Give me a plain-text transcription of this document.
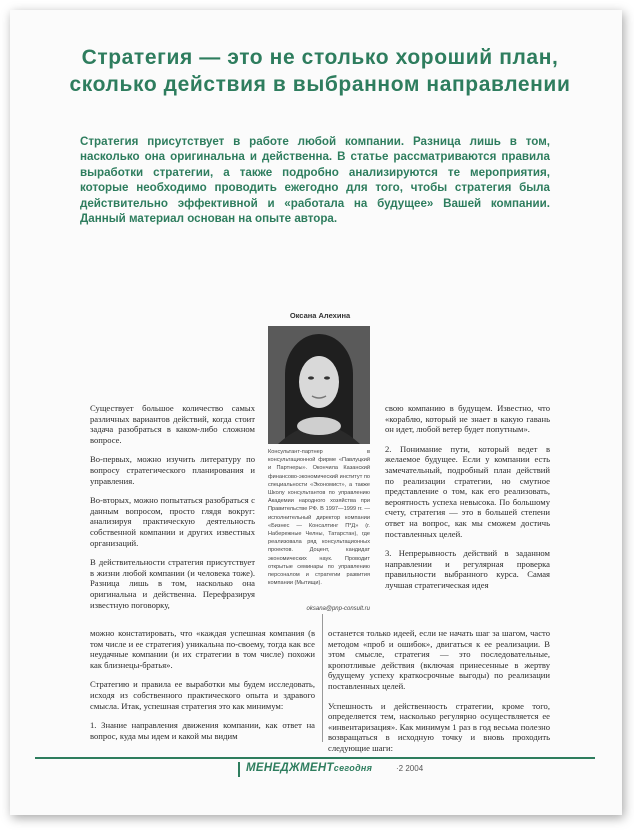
Стратегия — это не столько хороший план,
сколько действия в выбранном направлении
Стратегия присутствует в работе любой компании. Разница лишь в том, насколько она оригинальна и действенна. В статье рассматриваются правила выработки стратегии, а также подробно анализируются те мероприятия, которые необходимо проводить ежегодно для того, чтобы стратегия была действительно эффективной и «работала на будущее» Вашей компании. Данный материал основан на опыте автора.
Оксана Алехина
Консультант-партнер в консультационной фирме «Павлуцкий и Партнеры». Окончила Казанский финансово-экономический институт по специальности «Экономист», а также Школу консультантов по управлению Академии народного хозяйства при Правительстве РФ. В 1997—1999 гг. — исполнительный директор компании «Бизнес — Консалтинг П*Д» (г. Набережные Челны, Татарстан), где реализовала ряд консультационных проектов. Доцент, кандидат экономических наук. Проводит открытые семинары по управлению персоналом и стратегии развития компании (Мытищи).
oksana@pnp-consult.ru

Существует большое количество самых различных вариантов действий, когда стоит задача разобраться в каком-либо сложном вопросе.

Во-первых, можно изучить литературу по вопросу стратегического планирования и управления.

Во-вторых, можно попытаться разобраться с данным вопросом, просто глядя вокруг: анализируя практическую деятельность собственной компании и других известных организаций.

В действительности стратегия присутствует в жизни любой компании (и человека тоже). Разница лишь в том, насколько она оригинальна и действенна. Перефразируя известную поговорку,

можно констатировать, что «каждая успешная компания (в том числе и ее стратегия) уникальна по-своему, тогда как все неудачные компании (и их стратегии в том числе) похожи как близнецы-братья».

Стратегию и правила ее выработки мы будем исследовать, исходя из собственного практического опыта и здравого смысла. Итак, успешная стратегия это как минимум:

1. Знание направления движения компании, как ответ на вопрос, куда мы идем и какой мы видим

свою компанию в будущем. Известно, что «кораблю, который не знает в какую гавань он идет, любой ветер будет попутным».

2. Понимание пути, который ведет в желаемое будущее. Если у компании есть замечательный, подробный план действий по реализации стратегии, но смутное представление о том, как его реализовать, вероятность успеха невысока. По большому счету, стратегия — это в большей степени ответ на вопрос, как мы сможем достичь поставленных целей.

3. Непрерывность действий в заданном направлении и регулярная проверка правильности выбранного курса. Самая лучшая стратегическая идея

останется только идеей, если не начать шаг за шагом, часто методом «проб и ошибок», двигаться к ее реализации. В этом смысле, стратегия — это последовательные, кропотливые действия (включая принесенные в жертву будущему успеху краткосрочные выгоды) по реализации поставленных целей.

Успешность и действенность стратегии, кроме того, определяется тем, насколько регулярно осуществляется ее «инвентаризация». Как минимум 1 раз в год весьма полезно возвращаться в исходную точку и вновь проходить следующие шаги:

МЕНЕДЖМЕНТсегодня	·2 2004
